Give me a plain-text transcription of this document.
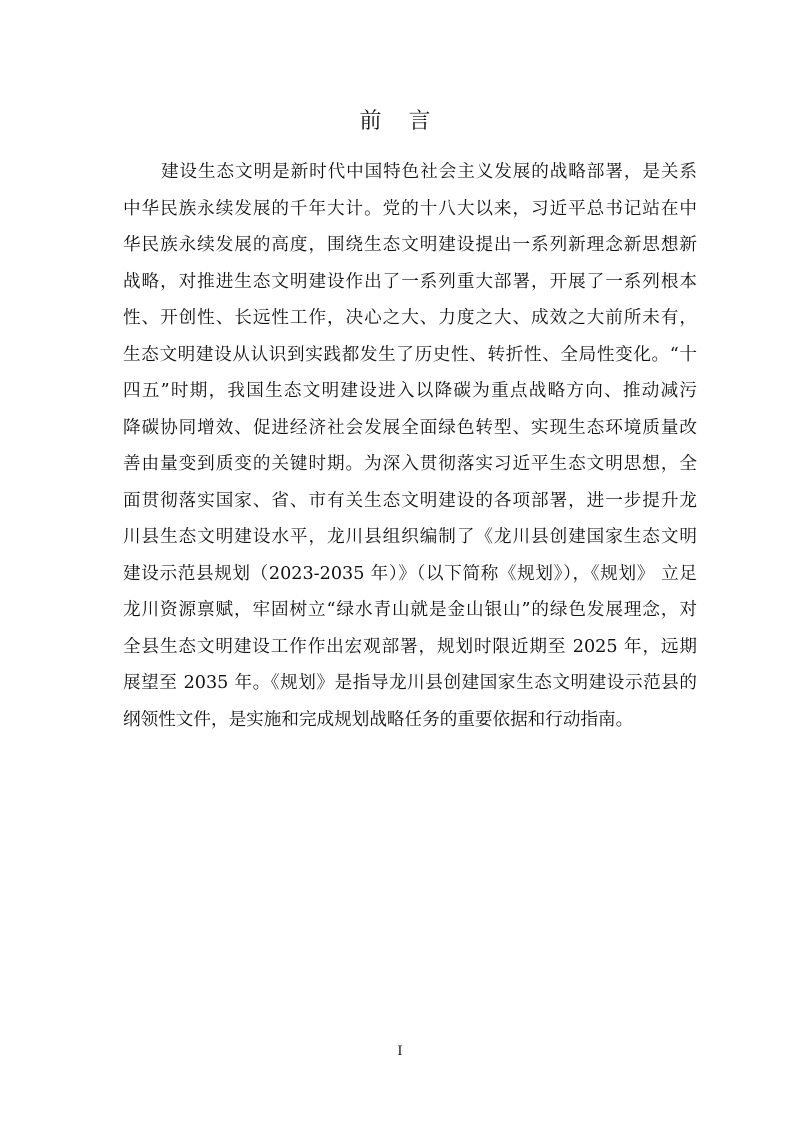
前 言
建设生态文明是新时代中国特色社会主义发展的战略部署，是关系
中华民族永续发展的千年大计。党的十八大以来，习近平总书记站在中
华民族永续发展的高度，围绕生态文明建设提出一系列新理念新思想新
战略，对推进生态文明建设作出了一系列重大部署，开展了一系列根本
性、开创性、长远性工作，决心之大、力度之大、成效之大前所未有，
生态文明建设从认识到实践都发生了历史性、转折性、全局性变化。“十
四五”时期，我国生态文明建设进入以降碳为重点战略方向、推动减污
降碳协同增效、促进经济社会发展全面绿色转型、实现生态环境质量改
善由量变到质变的关键时期。为深入贯彻落实习近平生态文明思想，全
面贯彻落实国家、省、市有关生态文明建设的各项部署，进一步提升龙
川县生态文明建设水平，龙川县组织编制了《龙川县创建国家生态文明
建设示范县规划（2023-2035 年）》（以下简称《规划》），《规划》 立足
龙川资源禀赋，牢固树立“绿水青山就是金山银山”的绿色发展理念，对
全县生态文明建设工作作出宏观部署，规划时限近期至 2025 年，远期
展望至 2035 年。《规划》是指导龙川县创建国家生态文明建设示范县的
纲领性文件，是实施和完成规划战略任务的重要依据和行动指南。
I
